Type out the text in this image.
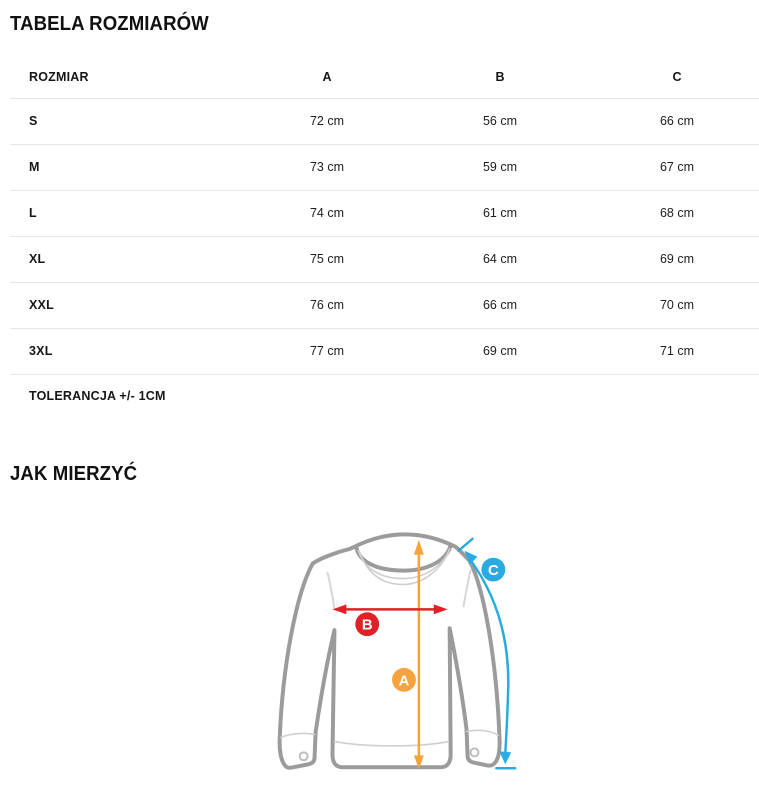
TABELA ROZMIARÓW
ROZMIAR	A	B	C
S	72 cm	56 cm	66 cm
M	73 cm	59 cm	67 cm
L	74 cm	61 cm	68 cm
XL	75 cm	64 cm	69 cm
XXL	76 cm	66 cm	70 cm
3XL	77 cm	69 cm	71 cm
TOLERANCJA +/- 1CM
JAK MIERZYĆ
A
B
C
